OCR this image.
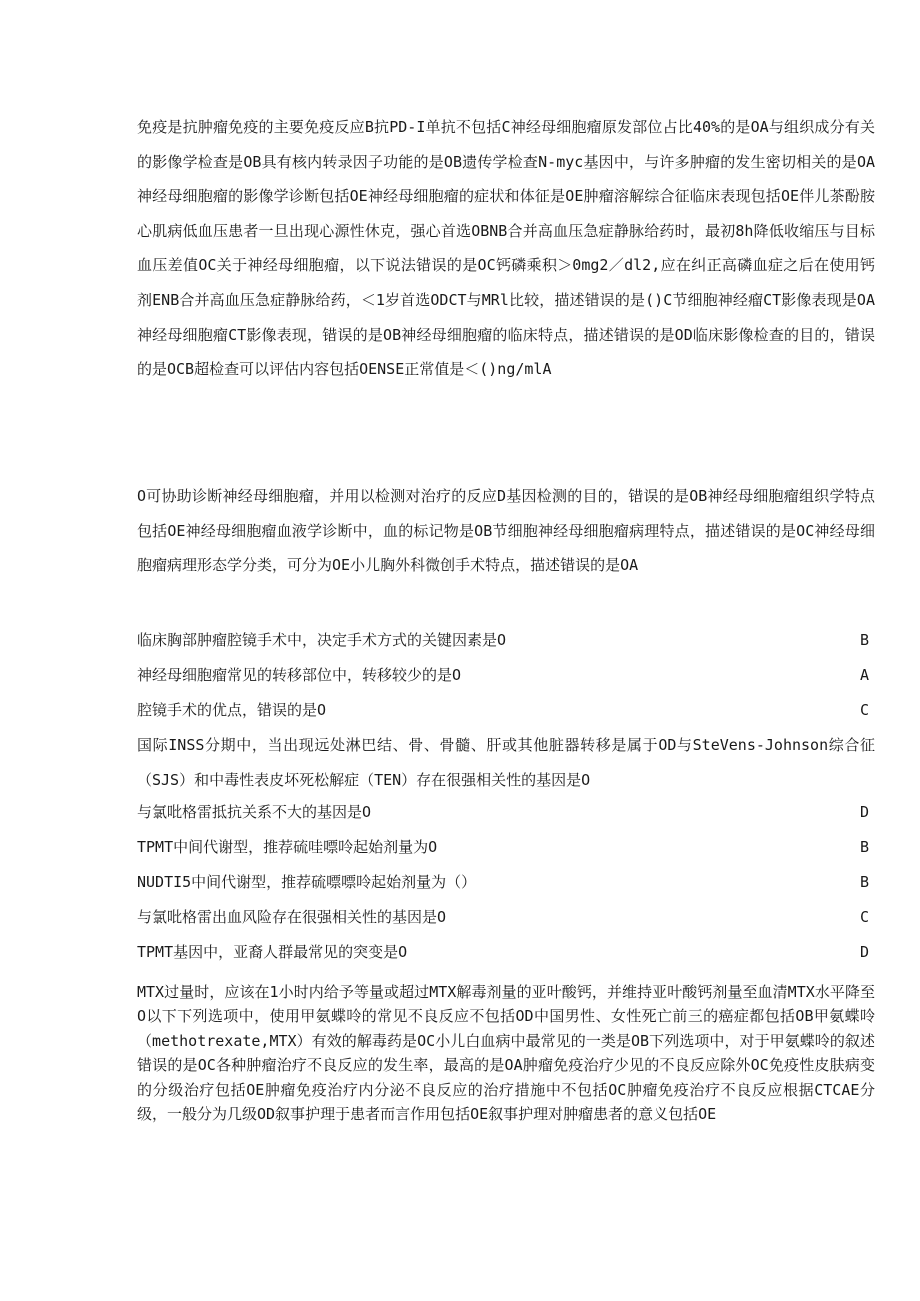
免疫是抗肿瘤免疫的主要免疫反应B抗PD-I单抗不包括C神经母细胞瘤原发部位占比40%的是OA与组织成分有关的影像学检查是OB具有核内转录因子功能的是OB遗传学检查N-myc基因中，与许多肿瘤的发生密切相关的是OA神经母细胞瘤的影像学诊断包括OE神经母细胞瘤的症状和体征是OE肿瘤溶解综合征临床表现包括OE伴儿茶酚胺心肌病低血压患者一旦出现心源性休克，强心首选OBNB合并高血压急症静脉给药时，最初8h降低收缩压与目标血压差值OC关于神经母细胞瘤，以下说法错误的是OC钙磷乘积＞0mg2／dl2,应在纠正高磷血症之后在使用钙剂ENB合并高血压急症静脉给药，＜1岁首选ODCT与MRl比较，描述错误的是()C节细胞神经瘤CT影像表现是OA神经母细胞瘤CT影像表现，错误的是OB神经母细胞瘤的临床特点，描述错误的是OD临床影像检查的目的，错误的是OCB超检查可以评估内容包括OENSE正常值是＜()ng/mlA

O可协助诊断神经母细胞瘤，并用以检测对治疗的反应D基因检测的目的，错误的是OB神经母细胞瘤组织学特点包括OE神经母细胞瘤血液学诊断中，血的标记物是OB节细胞神经母细胞瘤病理特点，描述错误的是OC神经母细胞瘤病理形态学分类，可分为OE小儿胸外科微创手术特点，描述错误的是OA

临床胸部肿瘤腔镜手术中，决定手术方式的关键因素是O	B
神经母细胞瘤常见的转移部位中，转移较少的是O	A
腔镜手术的优点，错误的是O	C

国际INSS分期中，当出现远处淋巴结、骨、骨髓、肝或其他脏器转移是属于OD与SteVens-Johnson综合征（SJS）和中毒性表皮坏死松解症（TEN）存在很强相关性的基因是O

与氯吡格雷抵抗关系不大的基因是O	D
TPMT中间代谢型，推荐硫哇嘌呤起始剂量为O	B
NUDTI5中间代谢型，推荐硫嘌嘌呤起始剂量为（）	B
与氯吡格雷出血风险存在很强相关性的基因是O	C
TPMT基因中，亚裔人群最常见的突变是O	D

MTX过量时，应该在1小时内给予等量或超过MTX解毒剂量的亚叶酸钙，并维持亚叶酸钙剂量至血清MTX水平降至O以下下列选项中，使用甲氨蝶呤的常见不良反应不包括OD中国男性、女性死亡前三的癌症都包括OB甲氨蝶呤（methotrexate,MTX）有效的解毒药是OC小儿白血病中最常见的一类是OB下列选项中，对于甲氨蝶呤的叙述错误的是OC各种肿瘤治疗不良反应的发生率，最高的是OA肿瘤免疫治疗少见的不良反应除外OC免疫性皮肤病变的分级治疗包括OE肿瘤免疫治疗内分泌不良反应的治疗措施中不包括OC肿瘤免疫治疗不良反应根据CTCAE分级，一般分为几级OD叙事护理于患者而言作用包括OE叙事护理对肿瘤患者的意义包括OE
